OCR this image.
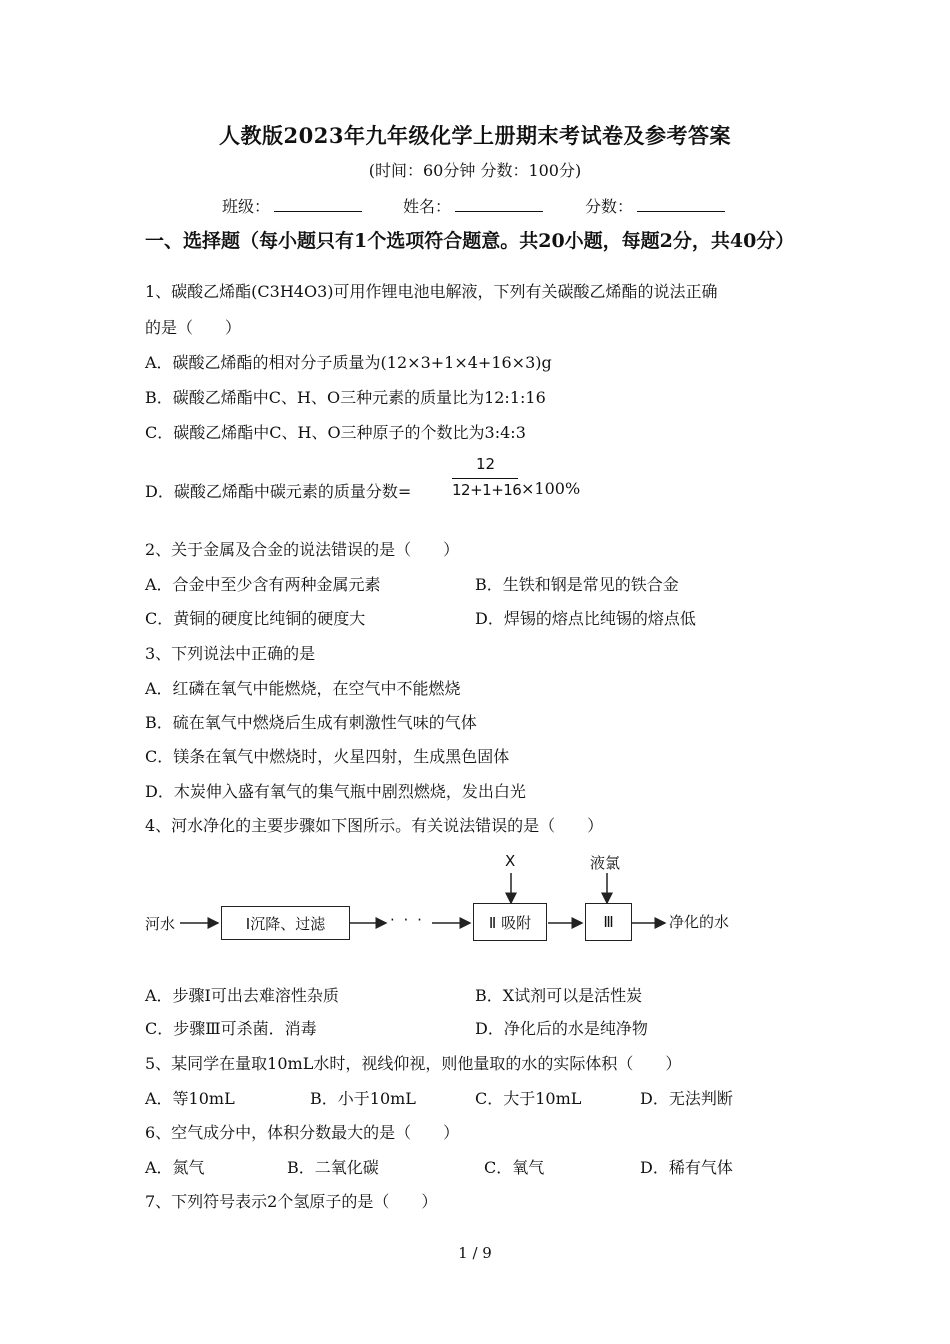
人教版2023年九年级化学上册期末考试卷及参考答案
(时间：60分钟 分数：100分)
班级：	姓名：	分数：
一、选择题（每小题只有1个选项符合题意。共20小题，每题2分，共40分）
1、碳酸乙烯酯(C3H4O3)可用作锂电池电解液，下列有关碳酸乙烯酯的说法正确
的是（　　）
A．碳酸乙烯酯的相对分子质量为(12×3+1×4+16×3)g
B．碳酸乙烯酯中C、H、O三种元素的质量比为12:1:16
C．碳酸乙烯酯中C、H、O三种原子的个数比为3:4:3
D．碳酸乙烯酯中碳元素的质量分数=
12
12+1+16 ×100%
2、关于金属及合金的说法错误的是（　　）
A．合金中至少含有两种金属元素	B．生铁和钢是常见的铁合金
C．黄铜的硬度比纯铜的硬度大	D．焊锡的熔点比纯锡的熔点低
3、下列说法中正确的是
A．红磷在氧气中能燃烧，在空气中不能燃烧
B．硫在氧气中燃烧后生成有刺激性气味的气体
C．镁条在氧气中燃烧时，火星四射，生成黑色固体
D．木炭伸入盛有氧气的集气瓶中剧烈燃烧，发出白光
4、河水净化的主要步骤如下图所示。有关说法错误的是（　　）
河水	Ⅰ沉降、过滤	· · ·	Ⅱ 吸附	Ⅲ	净化的水
X	液氯
A．步骤Ⅰ可出去难溶性杂质	B．X试剂可以是活性炭
C．步骤Ⅲ可杀菌．消毒	D．净化后的水是纯净物
5、某同学在量取10mL水时，视线仰视，则他量取的水的实际体积（　　）
A．等10mL	B．小于10mL	C．大于10mL	D．无法判断
6、空气成分中，体积分数最大的是（　　）
A．氮气	B．二氧化碳	C．氧气	D．稀有气体
7、下列符号表示2个氢原子的是（　　）
1 / 9
